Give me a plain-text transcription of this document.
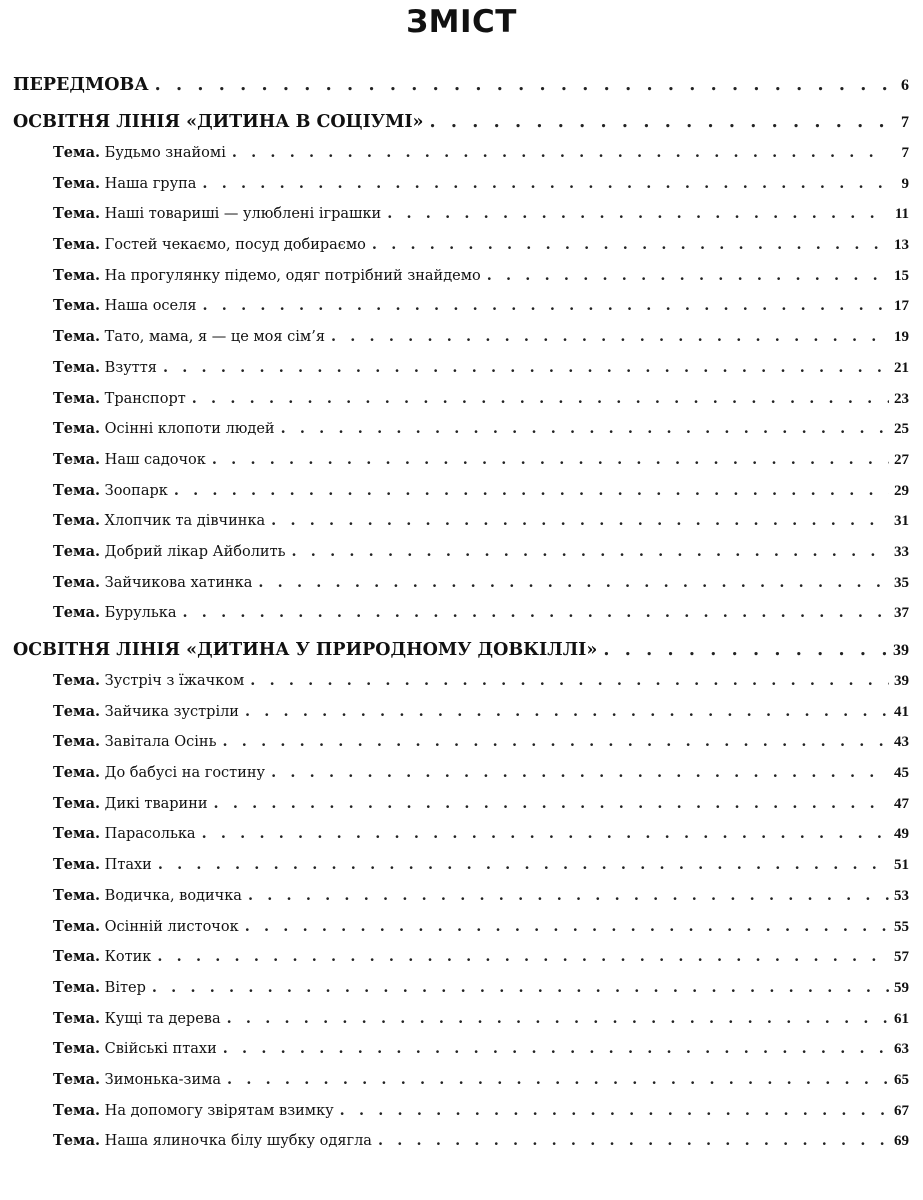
ЗМІСТ
ПЕРЕДМОВА . . .	6
ОСВІТНЯ ЛІНІЯ «ДИТИНА В СОЦІУМІ» . . .	7
Тема. Будьмо знайомі . . .	7
Тема. Наша група . . .	9
Тема. Наші товариші — улюблені іграшки . . .	11
Тема. Гостей чекаємо, посуд добираємо . . .	13
Тема. На прогулянку підемо, одяг потрібний знайдемо . . .	15
Тема. Наша оселя . . .	17
Тема. Тато, мама, я — це моя сім’я . . .	19
Тема. Взуття . . .	21
Тема. Транспорт . . .	23
Тема. Осінні клопоти людей . . .	25
Тема. Наш садочок . . .	27
Тема. Зоопарк . . .	29
Тема. Хлопчик та дівчинка . . .	31
Тема. Добрий лікар Айболить . . .	33
Тема. Зайчикова хатинка . . .	35
Тема. Бурулька . . .	37
ОСВІТНЯ ЛІНІЯ «ДИТИНА У ПРИРОДНОМУ ДОВКІЛЛІ» . . .	39
Тема. Зустріч з їжачком . . .	39
Тема. Зайчика зустріли . . .	41
Тема. Завітала Осінь . . .	43
Тема. До бабусі на гостину . . .	45
Тема. Дикі тварини . . .	47
Тема. Парасолька . . .	49
Тема. Птахи . . .	51
Тема. Водичка, водичка . . .	53
Тема. Осінній листочок . . .	55
Тема. Котик . . .	57
Тема. Вітер . . .	59
Тема. Кущі та дерева . . .	61
Тема. Свійські птахи . . .	63
Тема. Зимонька-зима . . .	65
Тема. На допомогу звірятам взимку . . .	67
Тема. Наша ялиночка білу шубку одягла . . .	69
